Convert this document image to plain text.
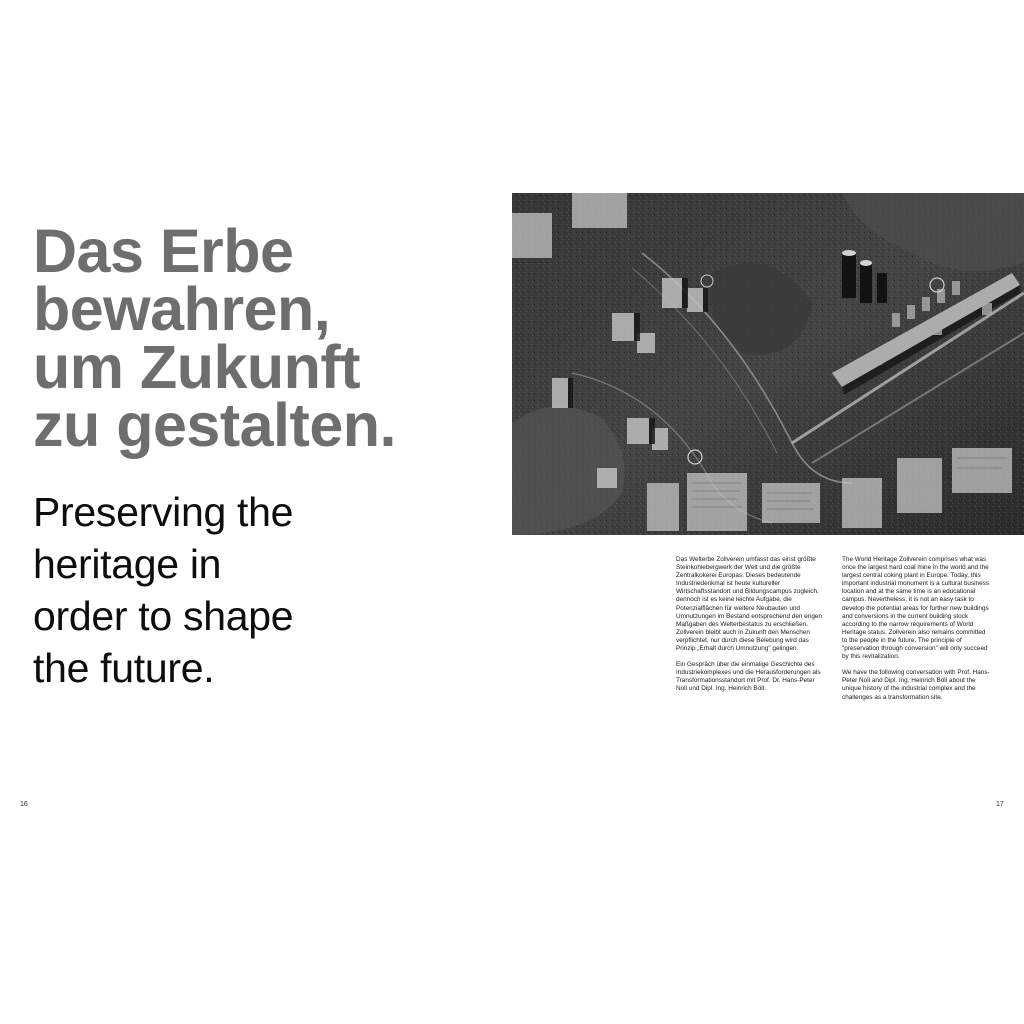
Das Erbe
bewahren,
um Zukunft
zu gestalten.
Preserving the
heritage in
order to shape
the future.

Das Welterbe Zollverein umfasst das einst größte Steinkohlebergwerk der Welt und die größte Zentralkokerei Europas. Dieses bedeutende Industriedenkmal ist heute kultureller Wirtschaftsstandort und Bildungscampus zugleich, dennoch ist es keine leichte Aufgabe, die Potenzialflächen für weitere Neubauten und Umnutzungen im Bestand entsprechend den engen Maßgaben des Welterbestatus zu erschließen. Zollverein bleibt auch in Zukunft den Menschen verpflichtet, nur durch diese Belebung wird das Prinzip „Erhalt durch Umnutzung" gelingen.

Ein Gespräch über die einmalige Geschichte des Industriekomplexes und die Herausforderungen als Transformationsstandort mit Prof. Dr. Hans-Peter Noll und Dipl. Ing. Heinrich Böll.

The World Heritage Zollverein comprises what was once the largest hard coal mine in the world and the largest central coking plant in Europe. Today, this important industrial monument is a cultural business location and at the same time is an educational campus. Nevertheless, it is not an easy task to develop the potential areas for further new buildings and conversions in the current building stock according to the narrow requirements of World Heritage status. Zollverein also remains committed to the people in the future. The principle of "preservation through conversion" will only succeed by this revitalization.

We have the following conversation with Prof. Hans-Peter Noll and Dipl. Ing. Heinrich Böll about the unique history of the industrial complex and the challenges as a transformation site.

16	17
